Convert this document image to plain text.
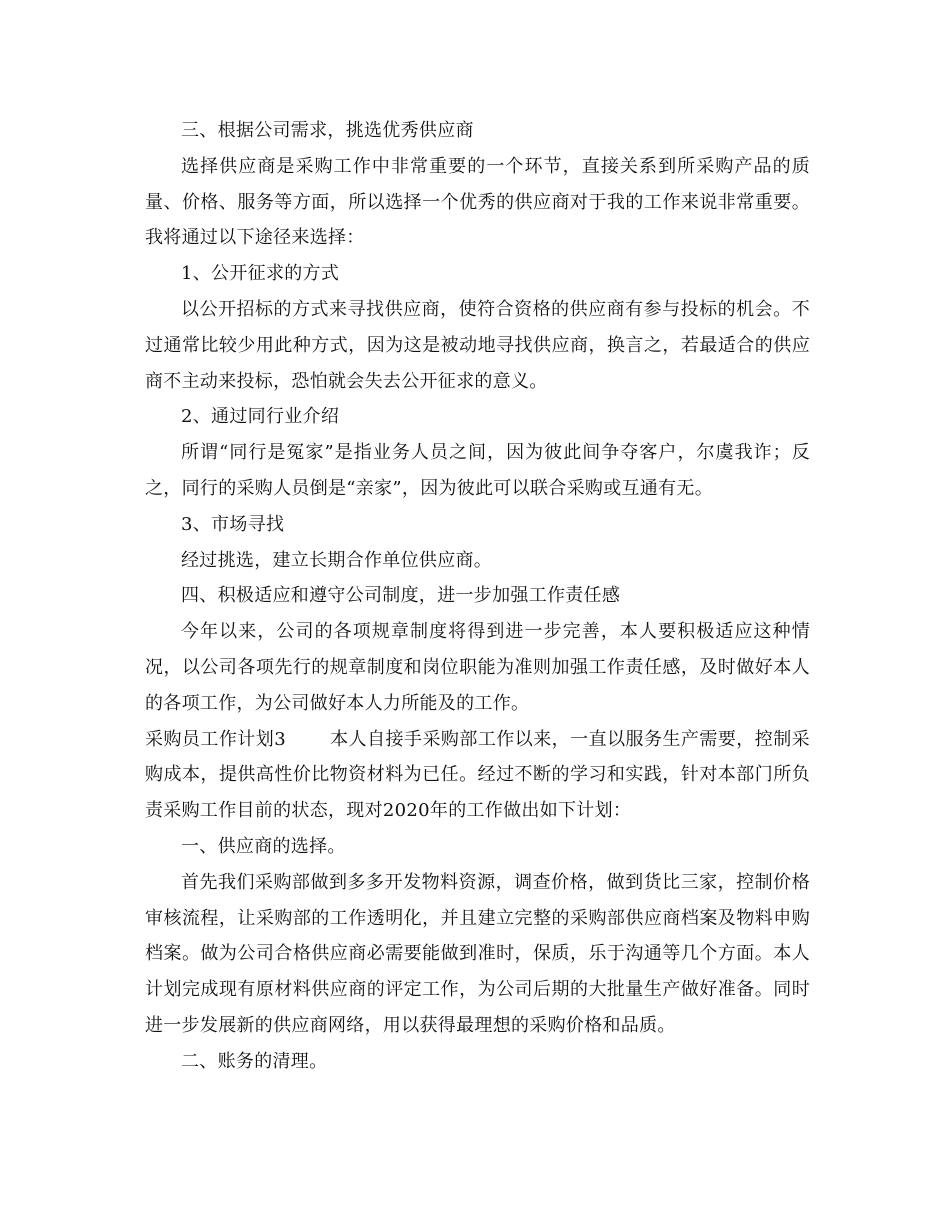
三、根据公司需求，挑选优秀供应商

选择供应商是采购工作中非常重要的一个环节，直接关系到所采购产品的质量、价格、服务等方面，所以选择一个优秀的供应商对于我的工作来说非常重要。我将通过以下途径来选择：

1、公开征求的方式

以公开招标的方式来寻找供应商，使符合资格的供应商有参与投标的机会。不过通常比较少用此种方式，因为这是被动地寻找供应商，换言之，若最适合的供应商不主动来投标，恐怕就会失去公开征求的意义。

2、通过同行业介绍

所谓“同行是冤家”是指业务人员之间，因为彼此间争夺客户，尔虞我诈；反之，同行的采购人员倒是“亲家”，因为彼此可以联合采购或互通有无。

3、市场寻找

经过挑选，建立长期合作单位供应商。

四、积极适应和遵守公司制度，进一步加强工作责任感

今年以来，公司的各项规章制度将得到进一步完善，本人要积极适应这种情况，以公司各项先行的规章制度和岗位职能为准则加强工作责任感，及时做好本人的各项工作，为公司做好本人力所能及的工作。

采购员工作计划3 本人自接手采购部工作以来，一直以服务生产需要，控制采购成本，提供高性价比物资材料为已任。经过不断的学习和实践，针对本部门所负责采购工作目前的状态，现对2020年的工作做出如下计划：

一、供应商的选择。

首先我们采购部做到多多开发物料资源，调查价格，做到货比三家，控制价格审核流程，让采购部的工作透明化，并且建立完整的采购部供应商档案及物料申购档案。做为公司合格供应商必需要能做到准时，保质，乐于沟通等几个方面。本人计划完成现有原材料供应商的评定工作，为公司后期的大批量生产做好准备。同时进一步发展新的供应商网络，用以获得最理想的采购价格和品质。

二、账务的清理。
